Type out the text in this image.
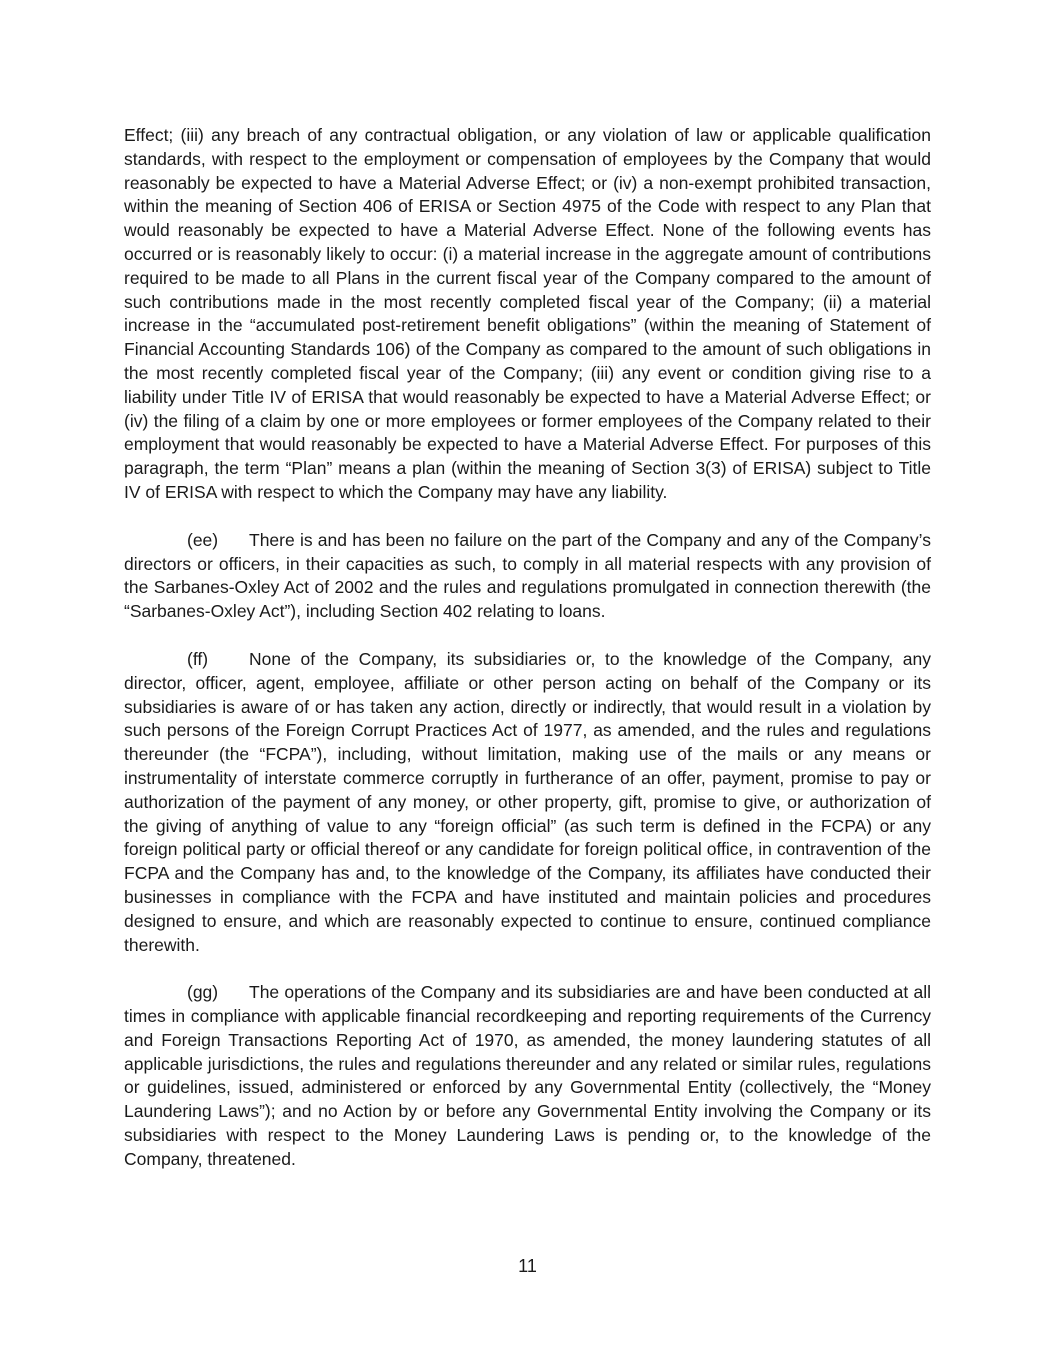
Effect; (iii) any breach of any contractual obligation, or any violation of law or applicable qualification standards, with respect to the employment or compensation of employees by the Company that would reasonably be expected to have a Material Adverse Effect; or (iv) a non-exempt prohibited transaction, within the meaning of Section 406 of ERISA or Section 4975 of the Code with respect to any Plan that would reasonably be expected to have a Material Adverse Effect. None of the following events has occurred or is reasonably likely to occur: (i) a material increase in the aggregate amount of contributions required to be made to all Plans in the current fiscal year of the Company compared to the amount of such contributions made in the most recently completed fiscal year of the Company; (ii) a material increase in the “accumulated post-retirement benefit obligations” (within the meaning of Statement of Financial Accounting Standards 106) of the Company as compared to the amount of such obligations in the most recently completed fiscal year of the Company; (iii) any event or condition giving rise to a liability under Title IV of ERISA that would reasonably be expected to have a Material Adverse Effect; or (iv) the filing of a claim by one or more employees or former employees of the Company related to their employment that would reasonably be expected to have a Material Adverse Effect. For purposes of this paragraph, the term “Plan” means a plan (within the meaning of Section 3(3) of ERISA) subject to Title IV of ERISA with respect to which the Company may have any liability.

(ee) There is and has been no failure on the part of the Company and any of the Company’s directors or officers, in their capacities as such, to comply in all material respects with any provision of the Sarbanes-Oxley Act of 2002 and the rules and regulations promulgated in connection therewith (the “Sarbanes-Oxley Act”), including Section 402 relating to loans.

(ff) None of the Company, its subsidiaries or, to the knowledge of the Company, any director, officer, agent, employee, affiliate or other person acting on behalf of the Company or its subsidiaries is aware of or has taken any action, directly or indirectly, that would result in a violation by such persons of the Foreign Corrupt Practices Act of 1977, as amended, and the rules and regulations thereunder (the “FCPA”), including, without limitation, making use of the mails or any means or instrumentality of interstate commerce corruptly in furtherance of an offer, payment, promise to pay or authorization of the payment of any money, or other property, gift, promise to give, or authorization of the giving of anything of value to any “foreign official” (as such term is defined in the FCPA) or any foreign political party or official thereof or any candidate for foreign political office, in contravention of the FCPA and the Company has and, to the knowledge of the Company, its affiliates have conducted their businesses in compliance with the FCPA and have instituted and maintain policies and procedures designed to ensure, and which are reasonably expected to continue to ensure, continued compliance therewith.

(gg) The operations of the Company and its subsidiaries are and have been conducted at all times in compliance with applicable financial recordkeeping and reporting requirements of the Currency and Foreign Transactions Reporting Act of 1970, as amended, the money laundering statutes of all applicable jurisdictions, the rules and regulations thereunder and any related or similar rules, regulations or guidelines, issued, administered or enforced by any Governmental Entity (collectively, the “Money Laundering Laws”); and no Action by or before any Governmental Entity involving the Company or its subsidiaries with respect to the Money Laundering Laws is pending or, to the knowledge of the Company, threatened.

11
